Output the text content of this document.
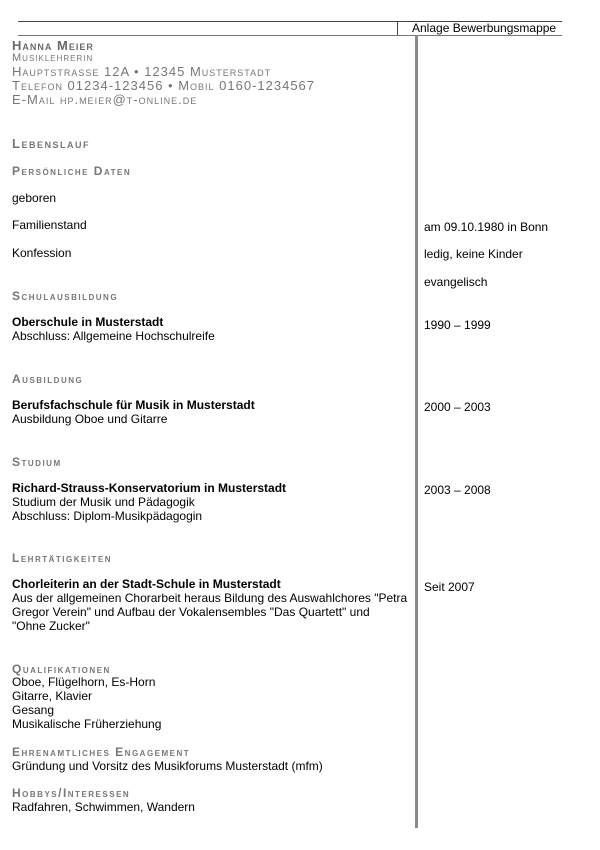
Anlage Bewerbungsmappe
Hanna Meier
Musiklehrerin
Hauptstrasse 12A • 12345 Musterstadt
Telefon 01234-123456 • Mobil 0160-1234567
E-Mail hp.meier@t-online.de
Lebenslauf
Persönliche Daten
geboren
Familienstand
Konfession
am 09.10.1980 in Bonn
ledig, keine Kinder
evangelisch
Schulausbildung
Oberschule in Musterstadt
Abschluss: Allgemeine Hochschulreife
1990 – 1999
Ausbildung
Berufsfachschule für Musik in Musterstadt
Ausbildung Oboe und Gitarre
2000 – 2003
Studium
Richard-Strauss-Konservatorium in Musterstadt
Studium der Musik und Pädagogik
Abschluss: Diplom-Musikpädagogin
2003 – 2008
Lehrtätigkeiten
Chorleiterin an der Stadt-Schule in Musterstadt
Aus der allgemeinen Chorarbeit heraus Bildung des Auswahlchores "Petra
Gregor Verein" und Aufbau der Vokalensembles "Das Quartett" und
"Ohne Zucker"
Seit 2007
Qualifikationen
Oboe, Flügelhorn, Es-Horn
Gitarre, Klavier
Gesang
Musikalische Früherziehung
Ehrenamtliches Engagement
Gründung und Vorsitz des Musikforums Musterstadt (mfm)
Hobbys/Interessen
Radfahren, Schwimmen, Wandern
